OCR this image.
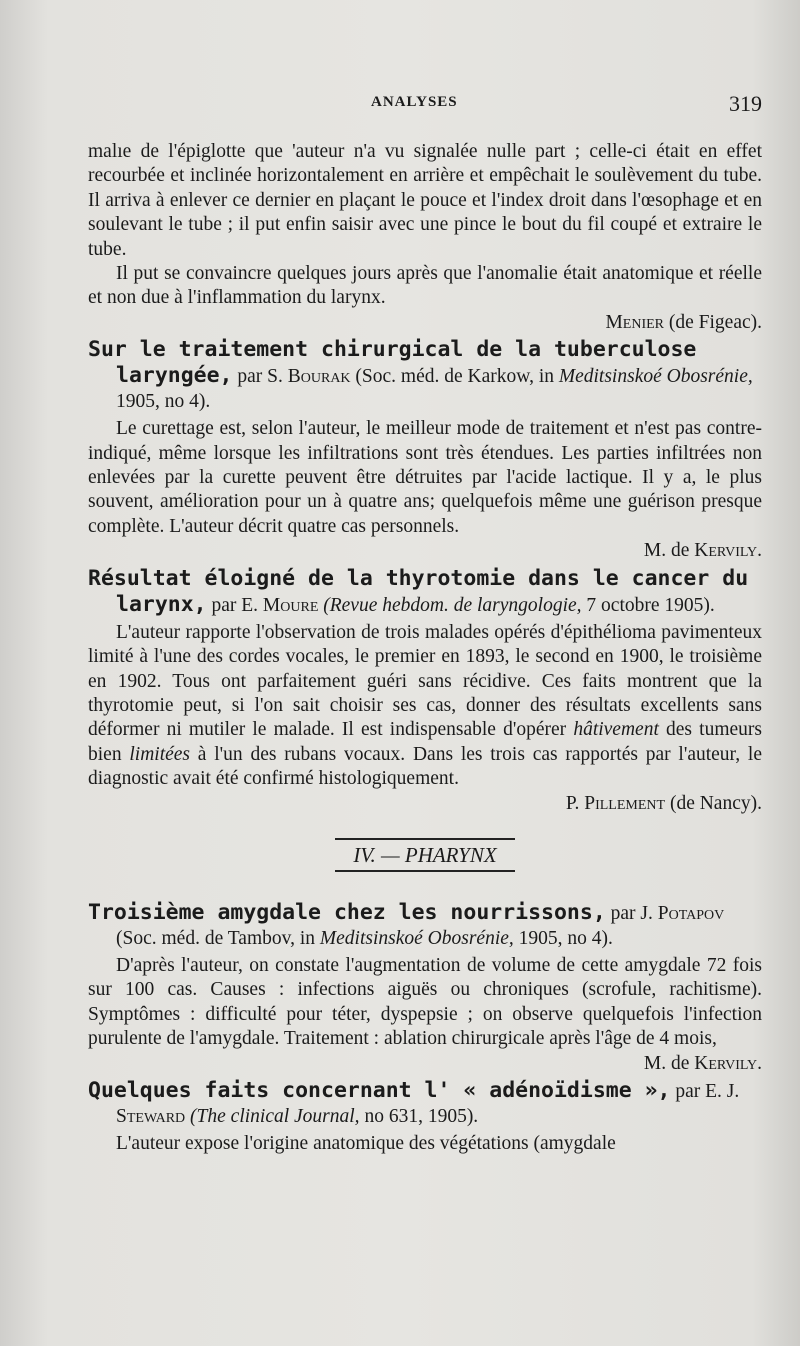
ANALYSES	319

malıe de l'épiglotte que 'auteur n'a vu signalée nulle part ; celle-ci était en effet recourbée et inclinée horizontalement en arrière et empêchait le soulèvement du tube. Il arriva à enlever ce dernier en plaçant le pouce et l'index droit dans l'œsophage et en soulevant le tube ; il put enfin saisir avec une pince le bout du fil coupé et extraire le tube.

Il put se convaincre quelques jours après que l'anomalie était anatomique et réelle et non due à l'inflammation du larynx.

Menier (de Figeac).
Sur le traitement chirurgical de la tuberculose laryngée, par S. Bourak (Soc. méd. de Karkow, in Meditsinskoé Obosrénie, 1905, no 4).

Le curettage est, selon l'auteur, le meilleur mode de traitement et n'est pas contre-indiqué, même lorsque les infiltrations sont très étendues. Les parties infiltrées non enlevées par la curette peuvent être détruites par l'acide lactique. Il y a, le plus souvent, amélioration pour un à quatre ans; quelquefois même une guérison presque complète. L'auteur décrit quatre cas personnels.

M. de Kervily.
Résultat éloigné de la thyrotomie dans le cancer du larynx, par E. Moure (Revue hebdom. de laryngologie, 7 octobre 1905).

L'auteur rapporte l'observation de trois malades opérés d'épithélioma pavimenteux limité à l'une des cordes vocales, le premier en 1893, le second en 1900, le troisième en 1902. Tous ont parfaitement guéri sans récidive. Ces faits montrent que la thyrotomie peut, si l'on sait choisir ses cas, donner des résultats excellents sans déformer ni mutiler le malade. Il est indispensable d'opérer hâtivement des tumeurs bien limitées à l'un des rubans vocaux. Dans les trois cas rapportés par l'auteur, le diagnostic avait été confirmé histologiquement.

P. Pillement (de Nancy).
IV. — PHARYNX
Troisième amygdale chez les nourrissons, par J. Potapov (Soc. méd. de Tambov, in Meditsinskoé Obosrénie, 1905, no 4).

D'après l'auteur, on constate l'augmentation de volume de cette amygdale 72 fois sur 100 cas. Causes : infections aiguës ou chroniques (scrofule, rachitisme). Symptômes : difficulté pour téter, dyspepsie ; on observe quelquefois l'infection purulente de l'amygdale. Traitement : ablation chirurgicale après l'âge de 4 mois,

M. de Kervily.
Quelques faits concernant l' « adénoïdisme », par E. J. Steward (The clinical Journal, no 631, 1905).

L'auteur expose l'origine anatomique des végétations (amygdale
